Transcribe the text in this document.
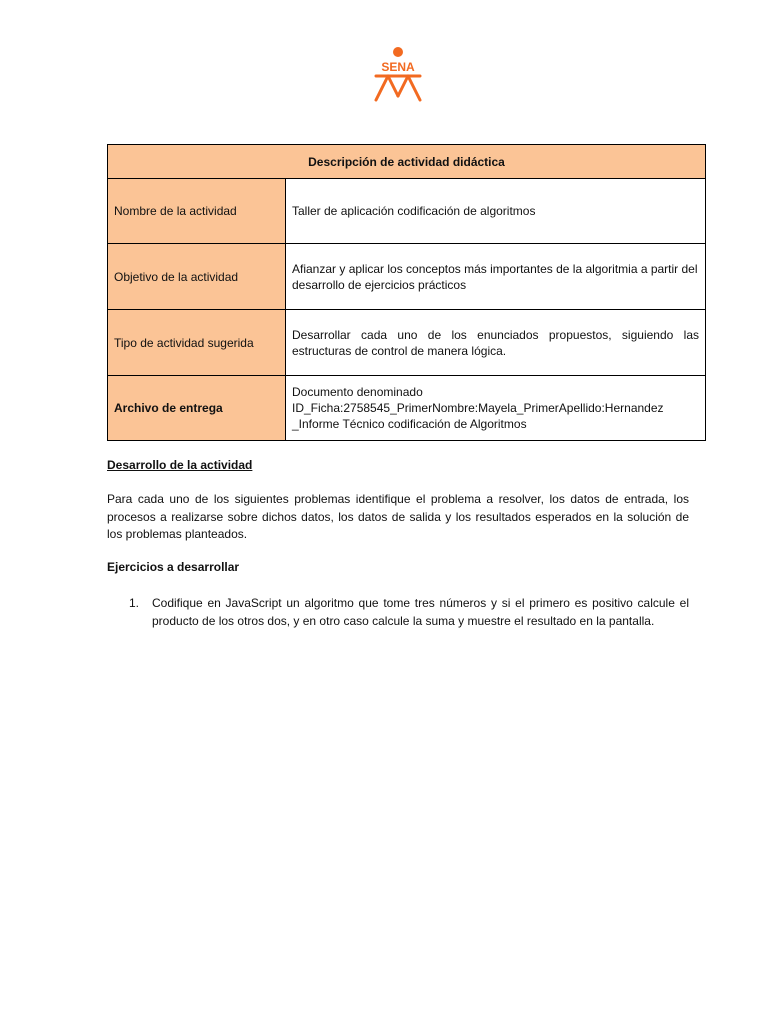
SENA
Descripción de actividad didáctica	
Nombre de la actividad	Taller de aplicación codificación de algoritmos
Objetivo de la actividad	Afianzar y aplicar los conceptos más importantes de la algoritmia a partir del desarrollo de ejercicios prácticos
Tipo de actividad sugerida	Desarrollar cada uno de los enunciados propuestos, siguiendo las estructuras de control de manera lógica.
Archivo de entrega	Documento denominado
ID_Ficha:2758545_PrimerNombre:Mayela_PrimerApellido:Hernandez
_Informe Técnico codificación de Algoritmos

Desarrollo de la actividad

Para cada uno de los siguientes problemas identifique el problema a resolver, los datos de entrada, los procesos a realizarse sobre dichos datos, los datos de salida y los resultados esperados en la solución de los problemas planteados.

Ejercicios a desarrollar

1. Codifique en JavaScript un algoritmo que tome tres números y si el primero es positivo calcule el producto de los otros dos, y en otro caso calcule la suma y muestre el resultado en la pantalla.
